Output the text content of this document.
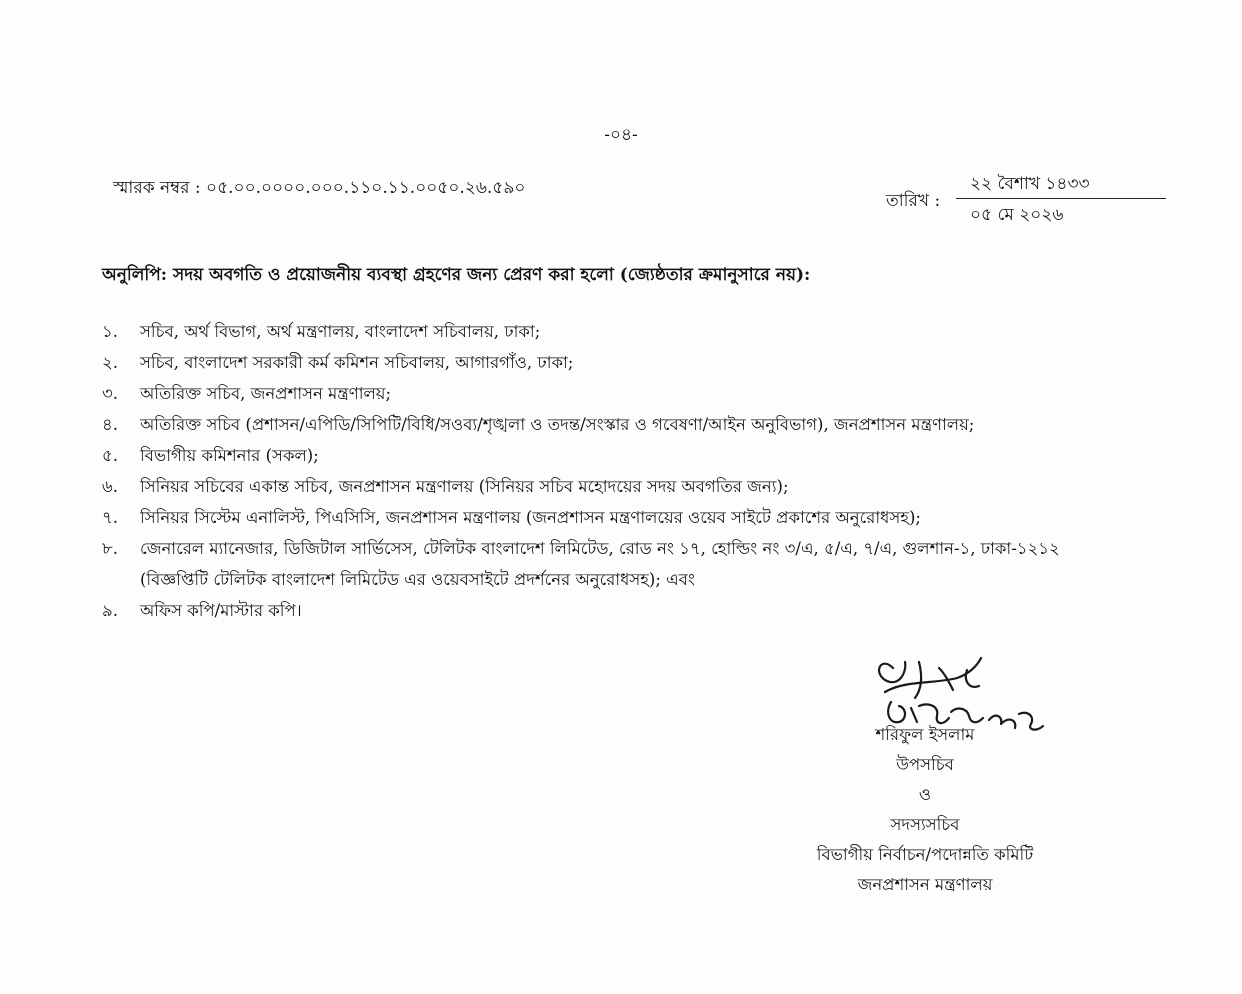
-০৪-
স্মারক নম্বর : ০৫.০০.০০০০.০০০.১১০.১১.০০৫০.২৬.৫৯০
তারিখ :
২২ বৈশাখ ১৪৩৩
০৫ মে ২০২৬
অনুলিপি: সদয় অবগতি ও প্রয়োজনীয় ব্যবস্থা গ্রহণের জন্য প্রেরণ করা হলো (জ্যেষ্ঠতার ক্রমানুসারে নয়):
১. সচিব, অর্থ বিভাগ, অর্থ মন্ত্রণালয়, বাংলাদেশ সচিবালয়, ঢাকা;
২. সচিব, বাংলাদেশ সরকারী কর্ম কমিশন সচিবালয়, আগারগাঁও, ঢাকা;
৩. অতিরিক্ত সচিব, জনপ্রশাসন মন্ত্রণালয়;
৪. অতিরিক্ত সচিব (প্রশাসন/এপিডি/সিপিটি/বিধি/সওব্য/শৃঙ্খলা ও তদন্ত/সংস্কার ও গবেষণা/আইন অনুবিভাগ), জনপ্রশাসন মন্ত্রণালয়;
৫. বিভাগীয় কমিশনার (সকল);
৬. সিনিয়র সচিবের একান্ত সচিব, জনপ্রশাসন মন্ত্রণালয় (সিনিয়র সচিব মহোদয়ের সদয় অবগতির জন্য);
৭. সিনিয়র সিস্টেম এনালিস্ট, পিএসিসি, জনপ্রশাসন মন্ত্রণালয় (জনপ্রশাসন মন্ত্রণালয়ের ওয়েব সাইটে প্রকাশের অনুরোধসহ);
৮. জেনারেল ম্যানেজার, ডিজিটাল সার্ভিসেস, টেলিটক বাংলাদেশ লিমিটেড, রোড নং ১৭, হোল্ডিং নং ৩/এ, ৫/এ, ৭/এ, গুলশান-১, ঢাকা-১২১২
(বিজ্ঞপ্তিটি টেলিটক বাংলাদেশ লিমিটেড এর ওয়েবসাইটে প্রদর্শনের অনুরোধসহ); এবং
৯. অফিস কপি/মাস্টার কপি।
শরিফুল ইসলাম
উপসচিব
ও
সদস্যসচিব
বিভাগীয় নির্বাচন/পদোন্নতি কমিটি
জনপ্রশাসন মন্ত্রণালয়
